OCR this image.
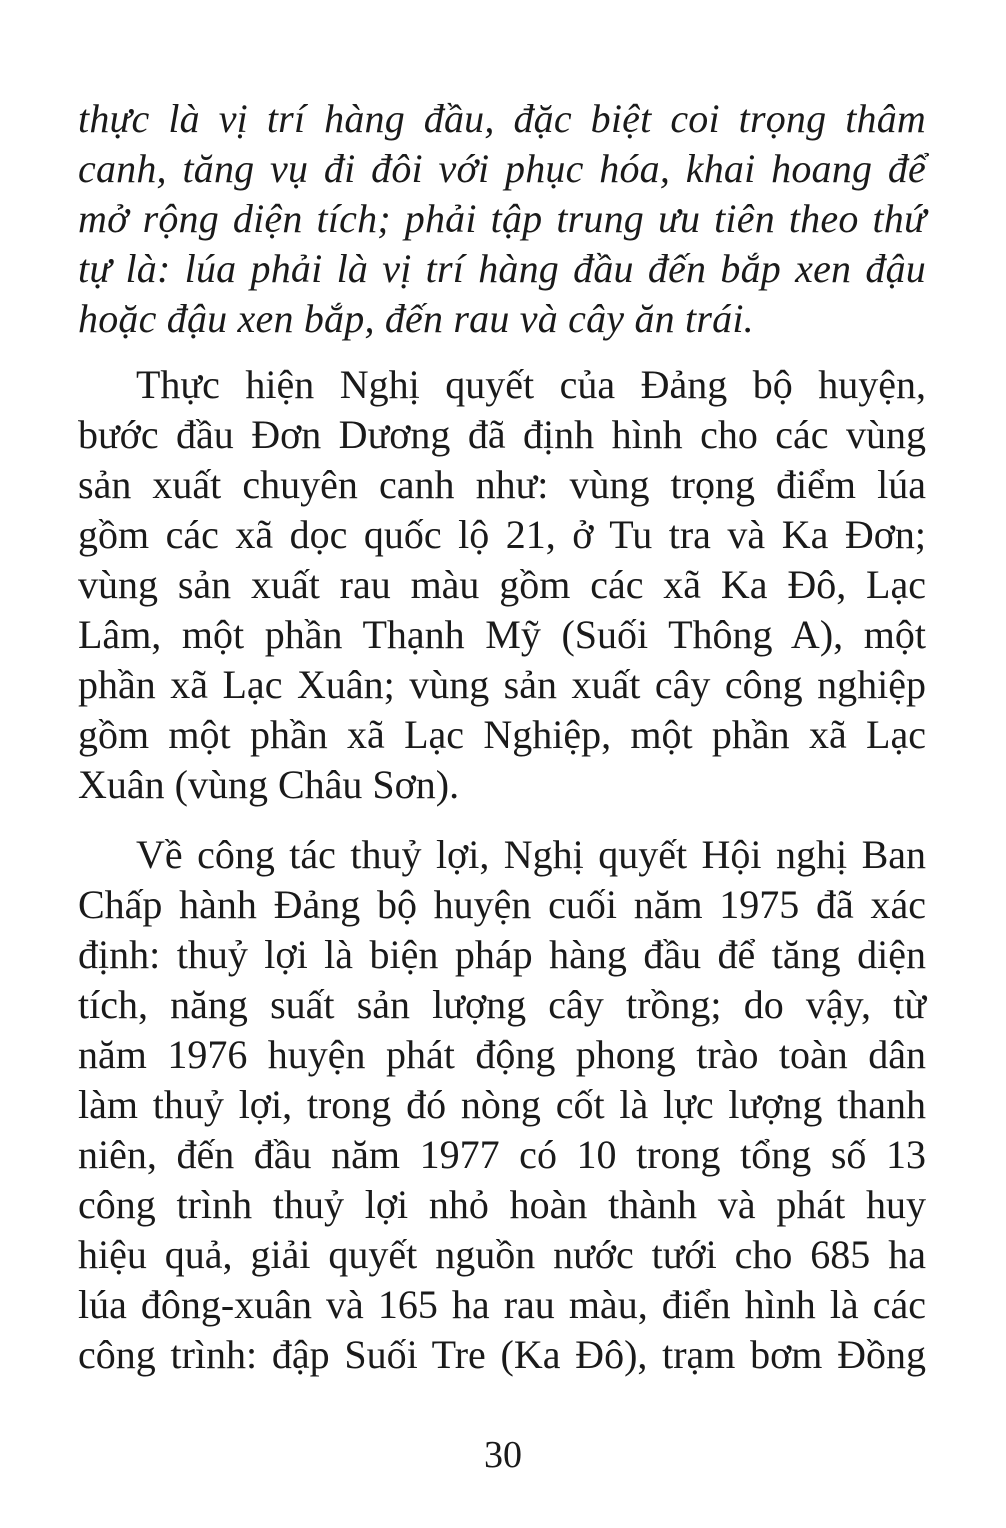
thực là vị trí hàng đầu, đặc biệt coi trọng thâm
canh, tăng vụ đi đôi với phục hóa, khai hoang để
mở rộng diện tích; phải tập trung ưu tiên theo thứ
tự là: lúa phải là vị trí hàng đầu đến bắp xen đậu
hoặc đậu xen bắp, đến rau và cây ăn trái.
Thực hiện Nghị quyết của Đảng bộ huyện,
bước đầu Đơn Dương đã định hình cho các vùng
sản xuất chuyên canh như: vùng trọng điểm lúa
gồm các xã dọc quốc lộ 21, ở Tu tra và Ka Đơn;
vùng sản xuất rau màu gồm các xã Ka Đô, Lạc
Lâm, một phần Thạnh Mỹ (Suối Thông A), một
phần xã Lạc Xuân; vùng sản xuất cây công nghiệp
gồm một phần xã Lạc Nghiệp, một phần xã Lạc
Xuân (vùng Châu Sơn).
Về công tác thuỷ lợi, Nghị quyết Hội nghị Ban
Chấp hành Đảng bộ huyện cuối năm 1975 đã xác
định: thuỷ lợi là biện pháp hàng đầu để tăng diện
tích, năng suất sản lượng cây trồng; do vậy, từ
năm 1976 huyện phát động phong trào toàn dân
làm thuỷ lợi, trong đó nòng cốt là lực lượng thanh
niên, đến đầu năm 1977 có 10 trong tổng số 13
công trình thuỷ lợi nhỏ hoàn thành và phát huy
hiệu quả, giải quyết nguồn nước tưới cho 685 ha
lúa đông-xuân và 165 ha rau màu, điển hình là các
công trình: đập Suối Tre (Ka Đô), trạm bơm Đồng
30
